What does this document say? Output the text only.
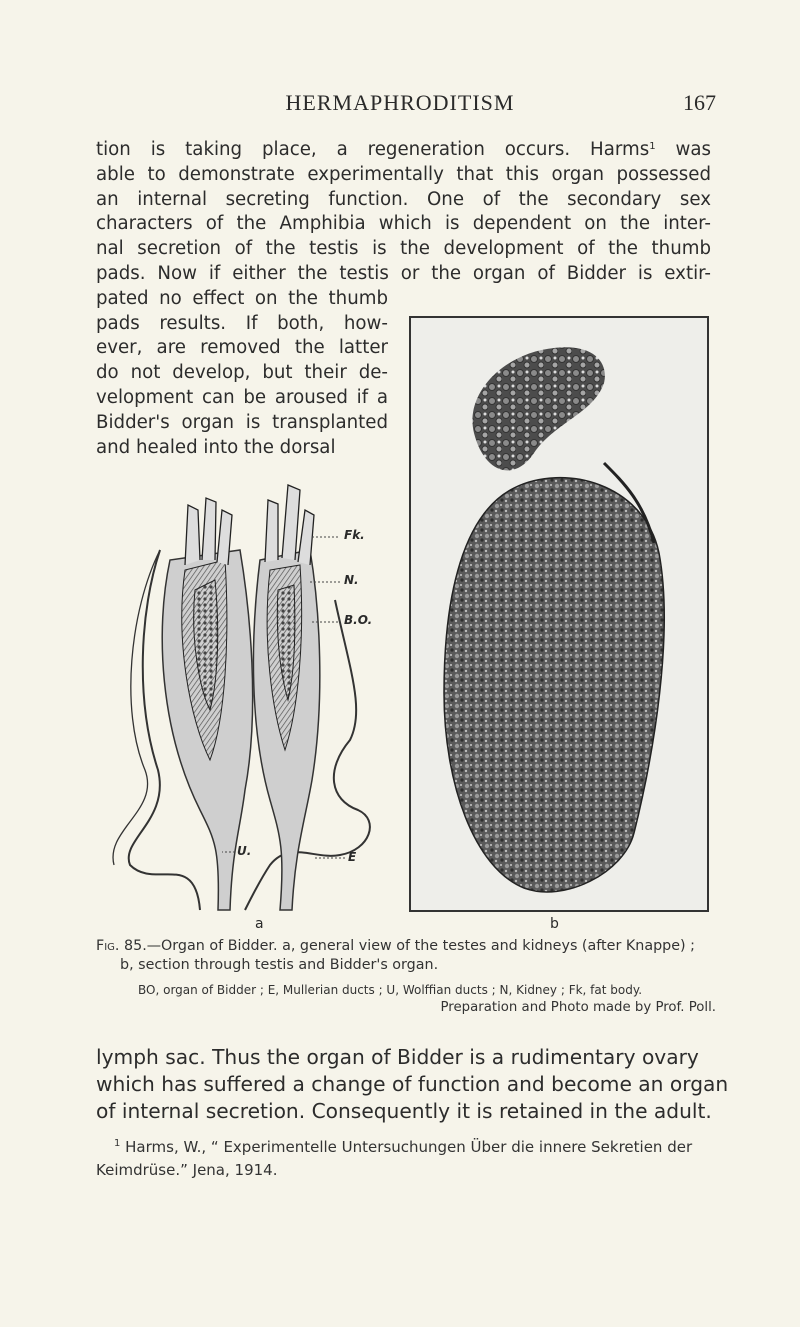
HERMAPHRODITISM	167
tion is taking place, a regeneration occurs. Harms$^1$ was
able to demonstrate experimentally that this organ possessed
an internal secreting function. One of the secondary sex
characters of the Amphibia which is dependent on the inter-
nal secretion of the testis is the development of the thumb
pads. Now if either the testis or the organ of Bidder is extir-
pated no effect on the thumb
pads results. If both, how-
ever, are removed the latter
do not develop, but their de-
velopment can be aroused if a
Bidder's organ is transplanted
and healed into the dorsal
Fk.
N.
B.O.
U.	E
a	b
Fig. 85.—Organ of Bidder. a, general view of the testes and kidneys (after Knappe) ;
b, section through testis and Bidder's organ.
BO, organ of Bidder ; E, Mullerian ducts ; U, Wolffian ducts ; N, Kidney ; Fk, fat body.
Preparation and Photo made by Prof. Poll.
lymph sac. Thus the organ of Bidder is a rudimentary ovary
which has suffered a change of function and become an organ
of internal secretion. Consequently it is retained in the adult.
$^1$ Harms, W., “ Experimentelle Untersuchungen Über die innere Sekretien der
Keimdrüse.” Jena, 1914.
